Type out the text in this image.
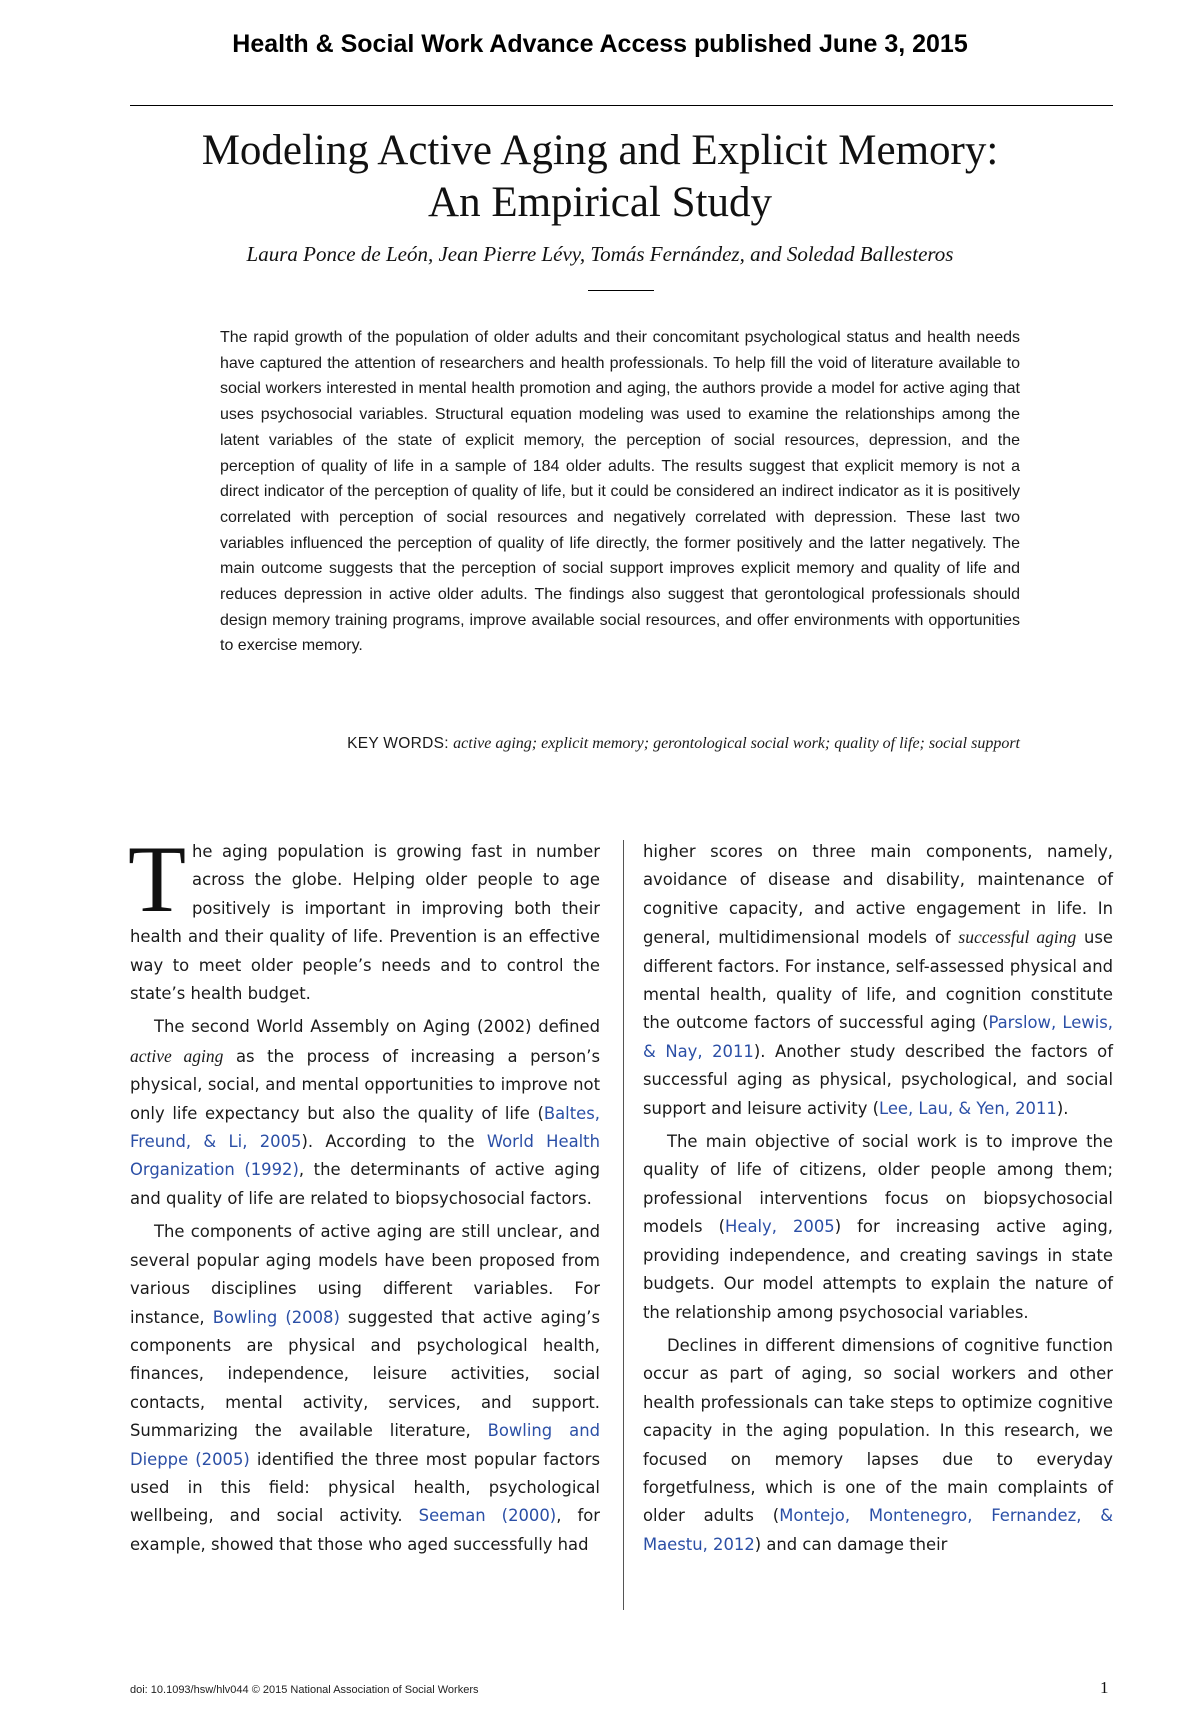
Health & Social Work Advance Access published June 3, 2015
Modeling Active Aging and Explicit Memory:
An Empirical Study
Laura Ponce de León, Jean Pierre Lévy, Tomás Fernández, and Soledad Ballesteros
The rapid growth of the population of older adults and their concomitant psychological status and health needs have captured the attention of researchers and health professionals. To help fill the void of literature available to social workers interested in mental health promotion and aging, the authors provide a model for active aging that uses psychosocial variables. Structural equation modeling was used to examine the relationships among the latent variables of the state of explicit memory, the perception of social resources, depression, and the perception of quality of life in a sample of 184 older adults. The results suggest that explicit memory is not a direct indicator of the perception of quality of life, but it could be considered an indirect indicator as it is positively correlated with perception of social resources and negatively correlated with depression. These last two variables influenced the perception of quality of life directly, the former positively and the latter negatively. The main outcome suggests that the perception of social support improves explicit memory and quality of life and reduces depression in active older adults. The findings also suggest that gerontological professionals should design memory training programs, improve available social resources, and offer environments with opportunities to exercise memory.
KEY WORDS: active aging; explicit memory; gerontological social work; quality of life; social support

The aging population is growing fast in number across the globe. Helping older people to age positively is important in improving both their health and their quality of life. Prevention is an effective way to meet older people’s needs and to control the state’s health budget.

The second World Assembly on Aging (2002) defined active aging as the process of increasing a person’s physical, social, and mental opportunities to improve not only life expectancy but also the quality of life (Baltes, Freund, & Li, 2005). According to the World Health Organization (1992), the determinants of active aging and quality of life are related to biopsychosocial factors.

The components of active aging are still unclear, and several popular aging models have been proposed from various disciplines using different variables. For instance, Bowling (2008) suggested that active aging’s components are physical and psychological health, finances, independence, leisure activities, social contacts, mental activity, services, and support. Summarizing the available literature, Bowling and Dieppe (2005) identified the three most popular factors used in this field: physical health, psychological wellbeing, and social activity. Seeman (2000), for example, showed that those who aged successfully had

higher scores on three main components, namely, avoidance of disease and disability, maintenance of cognitive capacity, and active engagement in life. In general, multidimensional models of successful aging use different factors. For instance, self-assessed physical and mental health, quality of life, and cognition constitute the outcome factors of successful aging (Parslow, Lewis, & Nay, 2011). Another study described the factors of successful aging as physical, psychological, and social support and leisure activity (Lee, Lau, & Yen, 2011).

The main objective of social work is to improve the quality of life of citizens, older people among them; professional interventions focus on biopsychosocial models (Healy, 2005) for increasing active aging, providing independence, and creating savings in state budgets. Our model attempts to explain the nature of the relationship among psychosocial variables.

Declines in different dimensions of cognitive function occur as part of aging, so social workers and other health professionals can take steps to optimize cognitive capacity in the aging population. In this research, we focused on memory lapses due to everyday forgetfulness, which is one of the main complaints of older adults (Montejo, Montenegro, Fernandez, & Maestu, 2012) and can damage their

doi: 10.1093/hsw/hlv044 © 2015 National Association of Social Workers	1
